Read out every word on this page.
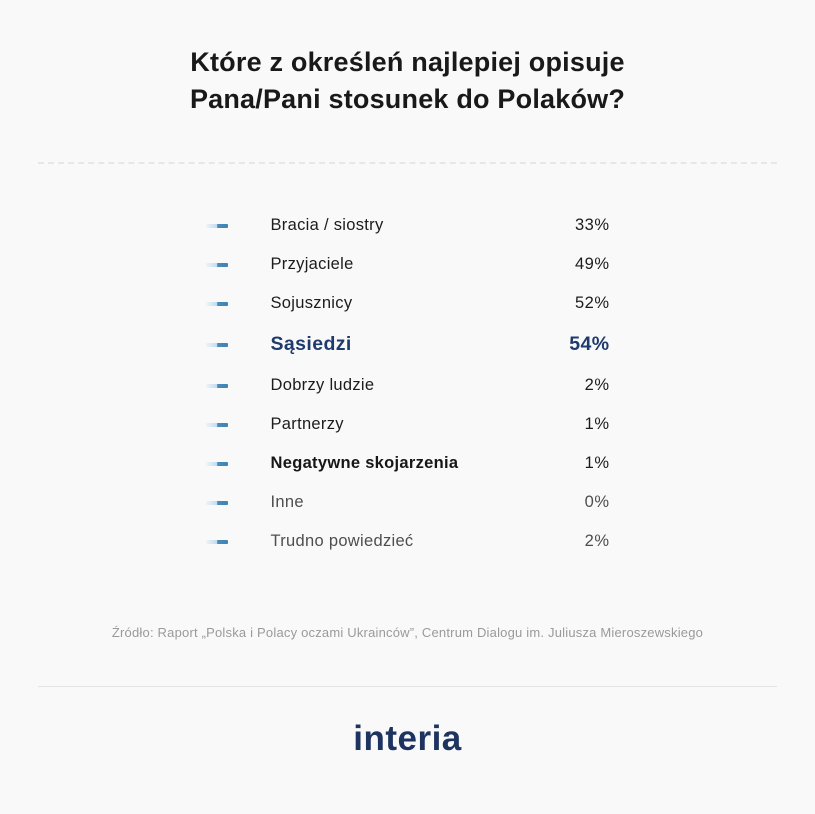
Które z określeń najlepiej opisuje
Pana/Pani stosunek do Polaków?
Bracia / siostry	33%
Przyjaciele	49%
Sojusznicy	52%
Sąsiedzi	54%
Dobrzy ludzie	2%
Partnerzy	1%
Negatywne skojarzenia	1%
Inne	0%
Trudno powiedzieć	2%
Źródło: Raport „Polska i Polacy oczami Ukrainców”, Centrum Dialogu im. Juliusza Mieroszewskiego
interia
